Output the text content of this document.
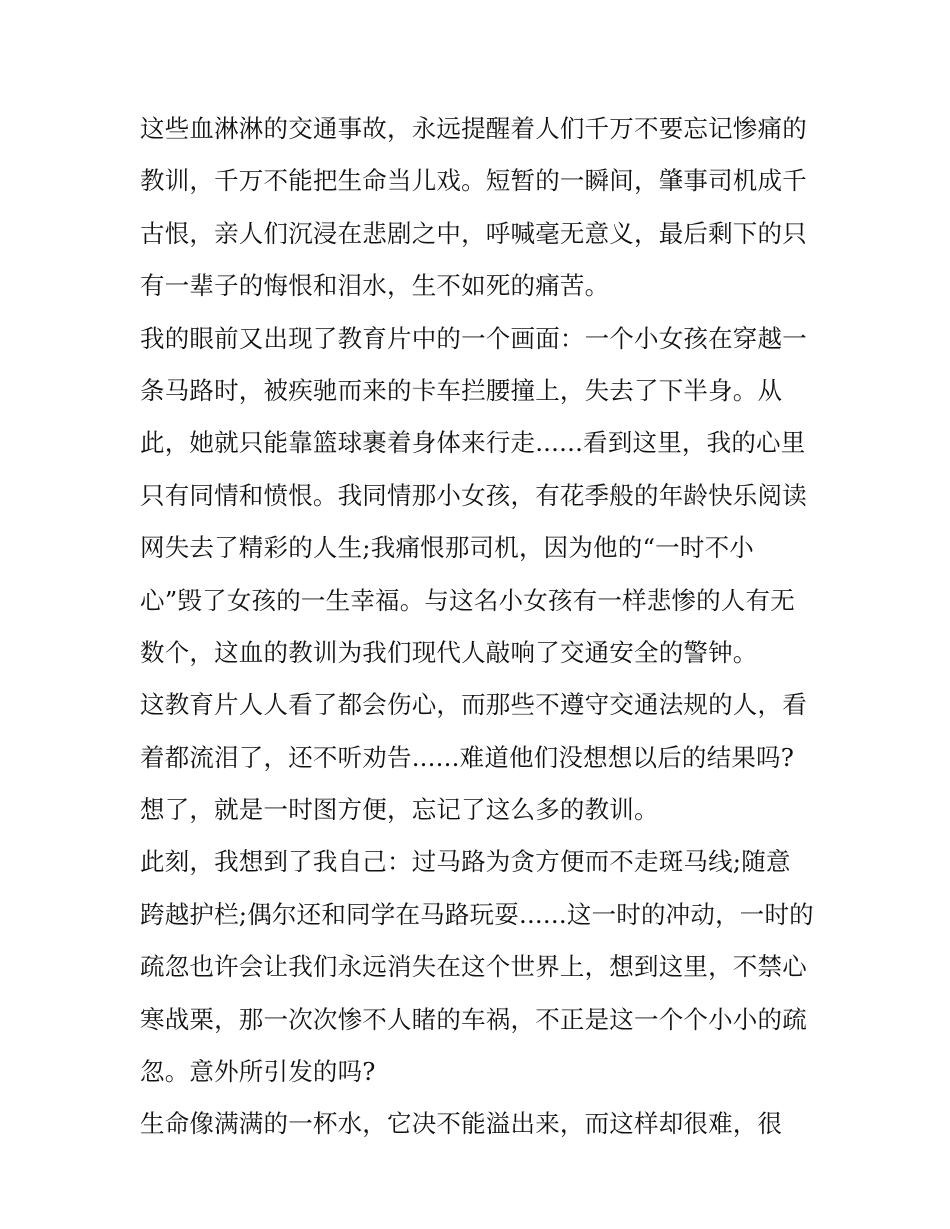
这些血淋淋的交通事故，永远提醒着人们千万不要忘记惨痛的
教训，千万不能把生命当儿戏。短暂的一瞬间，肇事司机成千
古恨，亲人们沉浸在悲剧之中，呼喊毫无意义，最后剩下的只
有一辈子的悔恨和泪水，生不如死的痛苦。
我的眼前又出现了教育片中的一个画面：一个小女孩在穿越一
条马路时，被疾驰而来的卡车拦腰撞上，失去了下半身。从
此，她就只能靠篮球裹着身体来行走......看到这里，我的心里
只有同情和愤恨。我同情那小女孩，有花季般的年龄快乐阅读
网失去了精彩的人生;我痛恨那司机，因为他的“一时不小
心”毁了女孩的一生幸福。与这名小女孩有一样悲惨的人有无
数个，这血的教训为我们现代人敲响了交通安全的警钟。
这教育片人人看了都会伤心，而那些不遵守交通法规的人，看
着都流泪了，还不听劝告......难道他们没想想以后的结果吗?
想了，就是一时图方便，忘记了这么多的教训。
此刻，我想到了我自己：过马路为贪方便而不走斑马线;随意
跨越护栏;偶尔还和同学在马路玩耍......这一时的冲动，一时的
疏忽也许会让我们永远消失在这个世界上，想到这里，不禁心
寒战栗，那一次次惨不人睹的车祸，不正是这一个个小小的疏
忽。意外所引发的吗?
生命像满满的一杯水，它决不能溢出来，而这样却很难，很
